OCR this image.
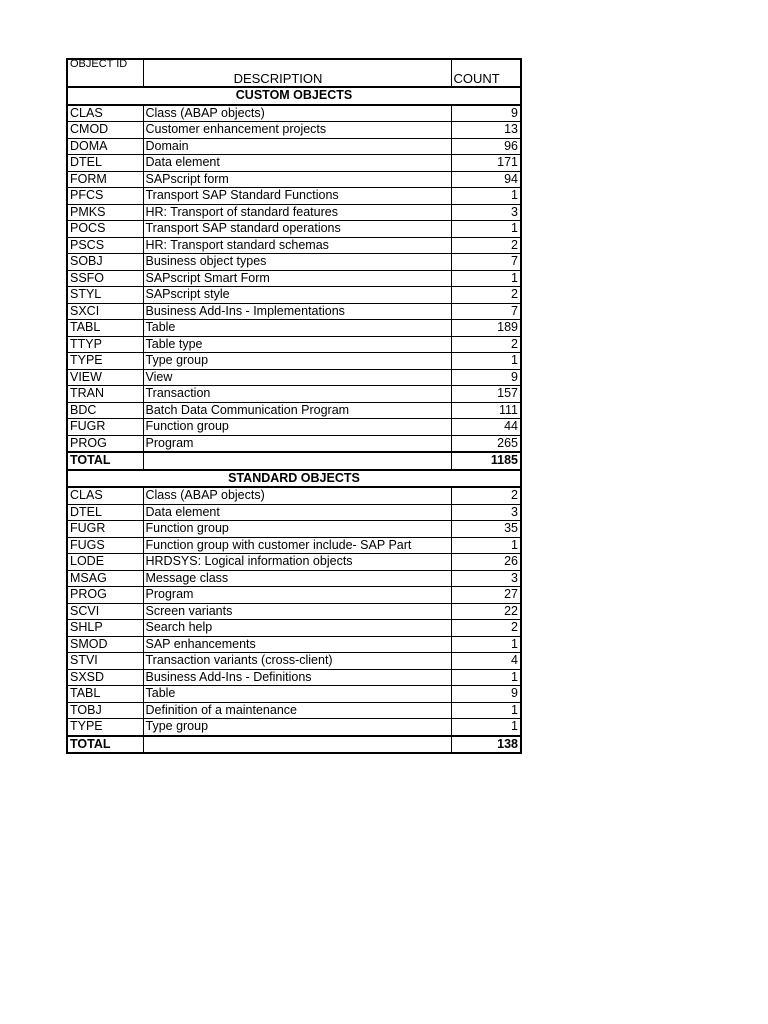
OBJECT ID	DESCRIPTION	COUNT
CUSTOM OBJECTS		
CLAS	Class (ABAP objects)	9
CMOD	Customer enhancement projects	13
DOMA	Domain	96
DTEL	Data element	171
FORM	SAPscript form	94
PFCS	Transport SAP Standard Functions	1
PMKS	HR: Transport of standard features	3
POCS	Transport SAP standard operations	1
PSCS	HR: Transport standard schemas	2
SOBJ	Business object types	7
SSFO	SAPscript Smart Form	1
STYL	SAPscript style	2
SXCI	Business Add-Ins - Implementations	7
TABL	Table	189
TTYP	Table type	2
TYPE	Type group	1
VIEW	View	9
TRAN	Transaction	157
BDC	Batch Data Communication Program	111
FUGR	Function group	44
PROG	Program	265
TOTAL		1185
STANDARD OBJECTS		
CLAS	Class (ABAP objects)	2
DTEL	Data element	3
FUGR	Function group	35
FUGS	Function group with customer include- SAP Part	1
LODE	HRDSYS: Logical information objects	26
MSAG	Message class	3
PROG	Program	27
SCVI	Screen variants	22
SHLP	Search help	2
SMOD	SAP enhancements	1
STVI	Transaction variants (cross-client)	4
SXSD	Business Add-Ins - Definitions	1
TABL	Table	9
TOBJ	Definition of a maintenance	1
TYPE	Type group	1
TOTAL		138
